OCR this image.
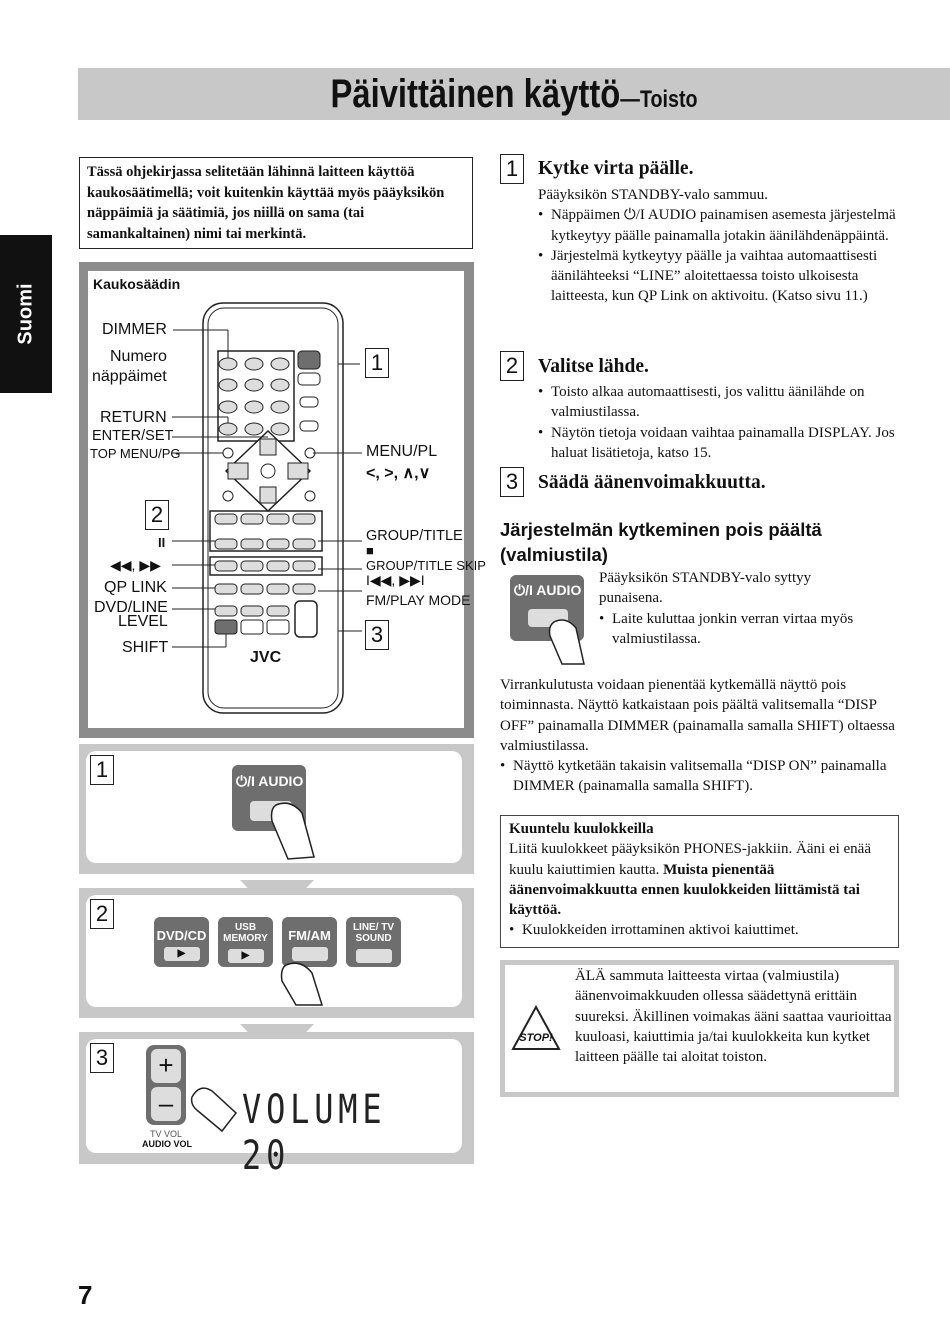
Päivittäinen käyttö—Toisto
Suomi
Tässä ohjekirjassa selitetään lähinnä laitteen käyttöä kaukosäätimellä; voit kuitenkin käyttää myös pääyksikön näppäimiä ja säätimiä, jos niillä on sama (tai samankaltainen) nimi tai merkintä.
Kaukosäädin
DIMMER
Numero
näppäimet
RETURN
ENTER/SET
TOP MENU/PG
II
◀◀, ▶▶
QP LINK
DVD/LINE
LEVEL
SHIFT
MENU/PL
<, >, ∧,∨
GROUP/TITLE
■
GROUP/TITLE SKIP
I◀◀, ▶▶I
FM/PLAY MODE
JVC
1
2
3
1	⏻/I AUDIO
2
DVD/CD
▶
USB MEMORY
▶
FM/AM
LINE/ TV SOUND
3 +
–
TV VOL
AUDIO VOL
VOLUME 20
1	Kytke virta päälle.
Pääyksikön STANDBY-valo sammuu.
• Näppäimen ⏻/I AUDIO painamisen asemesta järjestelmä kytkeytyy päälle painamalla jotakin äänilähdenäppäintä.
• Järjestelmä kytkeytyy päälle ja vaihtaa automaattisesti äänilähteeksi “LINE” aloitettaessa toisto ulkoisesta laitteesta, kun QP Link on aktivoitu. (Katso sivu 11.)
2	Valitse lähde.
• Toisto alkaa automaattisesti, jos valittu äänilähde on valmiustilassa.
• Näytön tietoja voidaan vaihtaa painamalla DISPLAY. Jos haluat lisätietoja, katso 15.
3	Säädä äänenvoimakkuutta.
Järjestelmän kytkeminen pois päältä
(valmiustila)
⏻/I AUDIO
Pääyksikön STANDBY-valo syttyy
punaisena.
• Laite kuluttaa jonkin verran virtaa myös valmiustilassa.
Virrankulutusta voidaan pienentää kytkemällä näyttö pois toiminnasta. Näyttö katkaistaan pois päältä valitsemalla “DISP OFF” painamalla DIMMER (painamalla samalla SHIFT) oltaessa valmiustilassa.
• Näyttö kytketään takaisin valitsemalla “DISP ON” painamalla DIMMER (painamalla samalla SHIFT).
Kuuntelu kuulokkeilla
Liitä kuulokkeet pääyksikön PHONES-jakkiin. Ääni ei enää kuulu kaiuttimien kautta. Muista pienentää äänenvoimakkuutta ennen kuulokkeiden liittämistä tai käyttöä.
• Kuulokkeiden irrottaminen aktivoi kaiuttimet.
STOP!
ÄLÄ sammuta laitteesta virtaa (valmiustila) äänenvoimakkuuden ollessa säädettynä erittäin suureksi. Äkillinen voimakas ääni saattaa vaurioittaa kuuloasi, kaiuttimia ja/tai kuulokkeita kun kytket laitteen päälle tai aloitat toiston.
7
